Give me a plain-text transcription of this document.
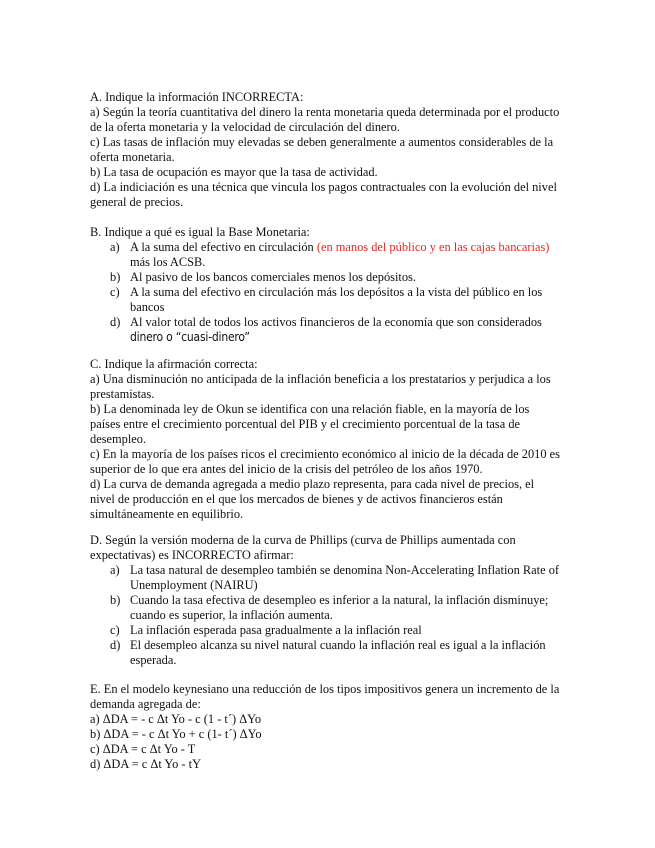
A. Indique la información INCORRECTA:

a) Según la teoría cuantitativa del dinero la renta monetaria queda determinada por el producto de la oferta monetaria y la velocidad de circulación del dinero.

c) Las tasas de inflación muy elevadas se deben generalmente a aumentos considerables de la oferta monetaria.

b) La tasa de ocupación es mayor que la tasa de actividad.

d) La indiciación es una técnica que vincula los pagos contractuales con la evolución del nivel general de precios.

B. Indique a qué es igual la Base Monetaria:

a) A la suma del efectivo en circulación (en manos del público y en las cajas bancarias) más los ACSB.
b) Al pasivo de los bancos comerciales menos los depósitos.
c) A la suma del efectivo en circulación más los depósitos a la vista del público en los bancos
d) Al valor total de todos los activos financieros de la economía que son considerados
dinero o “cuasi-dinero”

C. Indique la afirmación correcta:

a) Una disminución no anticipada de la inflación beneficia a los prestatarios y perjudica a los prestamistas.

b) La denominada ley de Okun se identifica con una relación fiable, en la mayoría de los países entre el crecimiento porcentual del PIB y el crecimiento porcentual de la tasa de desempleo.

c) En la mayoría de los países ricos el crecimiento económico al inicio de la década de 2010 es superior de lo que era antes del inicio de la crisis del petróleo de los años 1970.

d) La curva de demanda agregada a medio plazo representa, para cada nivel de precios, el nivel de producción en el que los mercados de bienes y de activos financieros están simultáneamente en equilibrio.

D. Según la versión moderna de la curva de Phillips (curva de Phillips aumentada con expectativas) es INCORRECTO afirmar:

a) La tasa natural de desempleo también se denomina Non-Accelerating Inflation Rate of Unemployment (NAIRU)
b) Cuando la tasa efectiva de desempleo es inferior a la natural, la inflación disminuye; cuando es superior, la inflación aumenta.
c) La inflación esperada pasa gradualmente a la inflación real
d) El desempleo alcanza su nivel natural cuando la inflación real es igual a la inflación esperada.

E. En el modelo keynesiano una reducción de los tipos impositivos genera un incremento de la demanda agregada de:

a) ΔDA = - c Δt Yo - c (1 - t´) ΔYo

b) ΔDA = - c Δt Yo + c (1- t´) ΔYo

c) ΔDA = c Δt Yo - T

d) ΔDA = c Δt Yo - tY
